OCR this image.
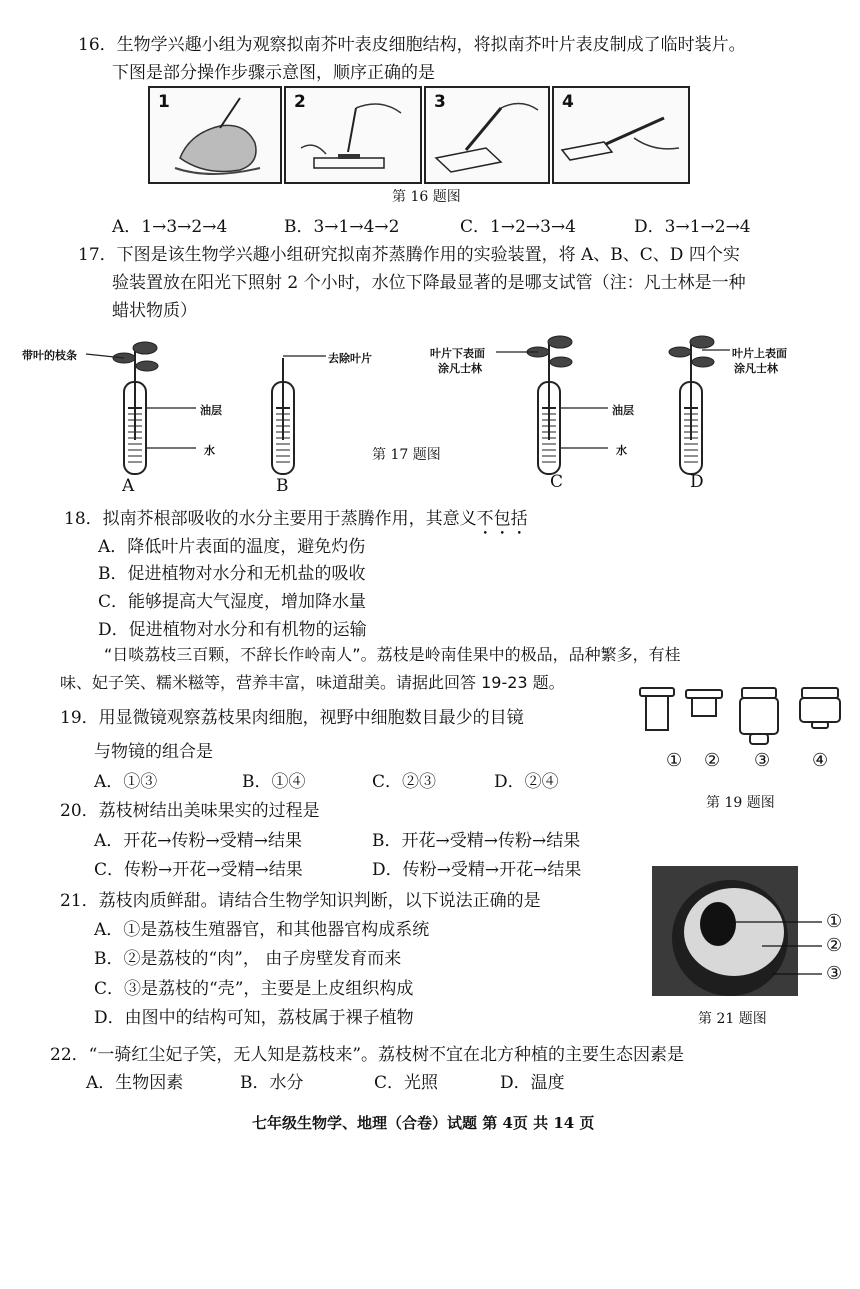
16．生物学兴趣小组为观察拟南芥叶表皮细胞结构，将拟南芥叶片表皮制成了临时装片。
下图是部分操作步骤示意图，顺序正确的是
1	2	3	4
第 16 题图
A．1→3→2→4	B．3→1→4→2	C．1→2→3→4	D．3→1→2→4
17．下图是该生物学兴趣小组研究拟南芥蒸腾作用的实验装置，将 A、B、C、D 四个实
验装置放在阳光下照射 2 个小时，水位下降最显著的是哪支试管（注：凡士林是一种
蜡状物质）
带叶的枝条	去除叶片
油层
水
叶片下表面
涂凡士林
油层
水
叶片上表面
涂凡士林
第 17 题图
A	B	C	D
18．拟南芥根部吸收的水分主要用于蒸腾作用，其意义不包括
A．降低叶片表面的温度，避免灼伤
B．促进植物对水分和无机盐的吸收
C．能够提高大气湿度，增加降水量
D．促进植物对水分和有机物的运输
“日啖荔枝三百颗，不辞长作岭南人”。荔枝是岭南佳果中的极品，品种繁多，有桂
味、妃子笑、糯米糍等，营养丰富，味道甜美。请据此回答 19-23 题。
19．用显微镜观察荔枝果肉细胞，视野中细胞数目最少的目镜
与物镜的组合是
A．①③	B．①④	C．②③	D．②④
① ② ③ ④
第 19 题图
20．荔枝树结出美味果实的过程是
A．开花→传粉→受精→结果	B．开花→受精→传粉→结果
C．传粉→开花→受精→结果	D．传粉→受精→开花→结果
21．荔枝肉质鲜甜。请结合生物学知识判断，以下说法正确的是
A．①是荔枝生殖器官，和其他器官构成系统
B．②是荔枝的“肉”， 由子房壁发育而来
C．③是荔枝的“壳”，主要是上皮组织构成
D．由图中的结构可知，荔枝属于裸子植物
①
②
③
第 21 题图
22．“一骑红尘妃子笑，无人知是荔枝来”。荔枝树不宜在北方种植的主要生态因素是
A．生物因素	B．水分	C．光照	D．温度
七年级生物学、地理（合卷）试题 第 4页 共 14 页
